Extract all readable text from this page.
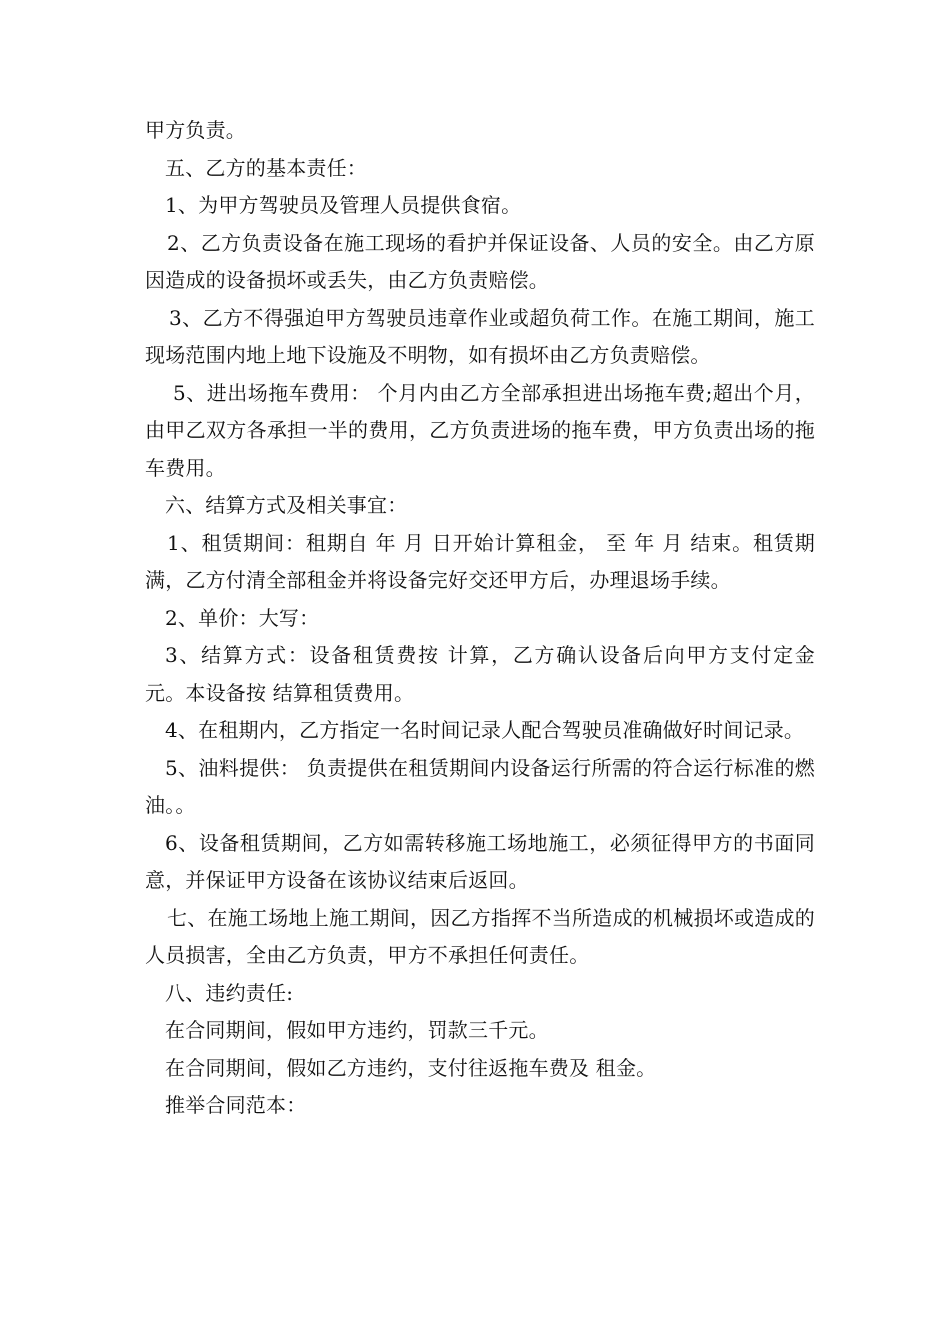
甲方负责。

五、乙方的基本责任：

1、为甲方驾驶员及管理人员提供食宿。

2、乙方负责设备在施工现场的看护并保证设备、人员的安全。由乙方原因造成的设备损坏或丢失，由乙方负责赔偿。

3、乙方不得强迫甲方驾驶员违章作业或超负荷工作。在施工期间，施工现场范围内地上地下设施及不明物，如有损坏由乙方负责赔偿。

5、进出场拖车费用： 个月内由乙方全部承担进出场拖车费;超出个月，由甲乙双方各承担一半的费用，乙方负责进场的拖车费，甲方负责出场的拖车费用。

六、结算方式及相关事宜：

1、租赁期间：租期自 年 月 日开始计算租金， 至 年 月 结束。租赁期满，乙方付清全部租金并将设备完好交还甲方后，办理退场手续。

2、单价：大写：

3、结算方式：设备租赁费按 计算，乙方确认设备后向甲方支付定金 元。本设备按 结算租赁费用。

4、在租期内，乙方指定一名时间记录人配合驾驶员准确做好时间记录。

5、油料提供： 负责提供在租赁期间内设备运行所需的符合运行标准的燃油。。

6、设备租赁期间，乙方如需转移施工场地施工，必须征得甲方的书面同意，并保证甲方设备在该协议结束后返回。

七、在施工场地上施工期间，因乙方指挥不当所造成的机械损坏或造成的人员损害，全由乙方负责，甲方不承担任何责任。

八、违约责任:

在合同期间，假如甲方违约，罚款三千元。

在合同期间，假如乙方违约，支付往返拖车费及 租金。

推举合同范本：
